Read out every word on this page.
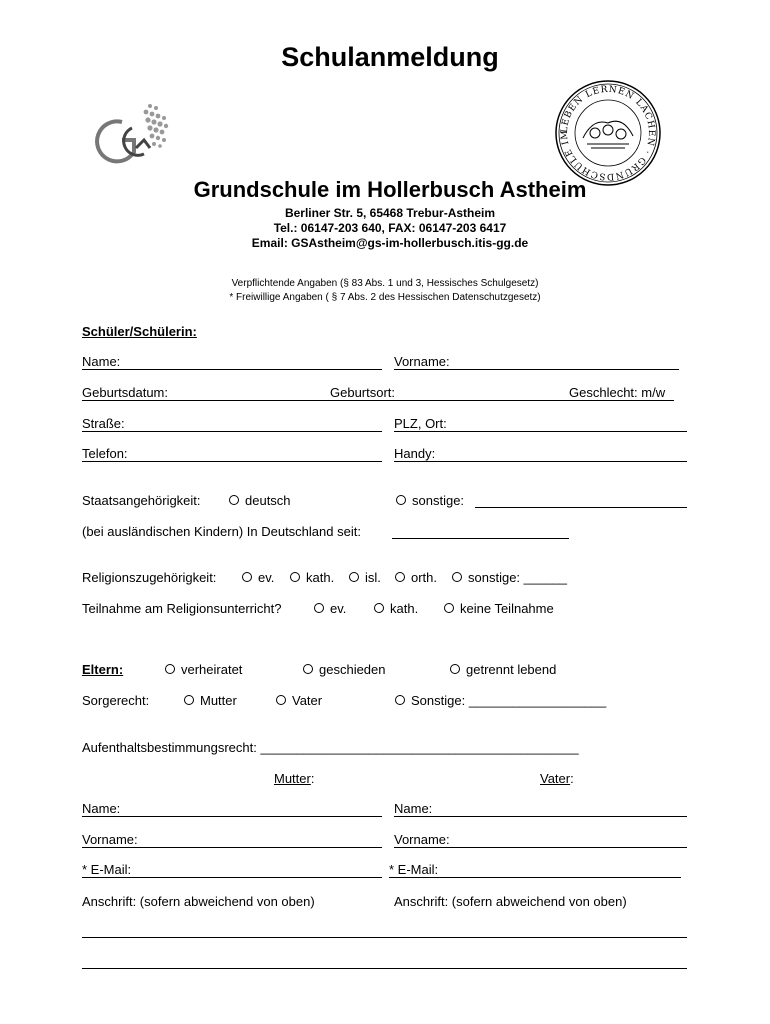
Schulanmeldung
LEBEN LERNEN LACHEN · GRUNDSCHULE IM
Grundschule im Hollerbusch Astheim
Berliner Str. 5, 65468 Trebur-Astheim
Tel.: 06147-203 640, FAX: 06147-203 6417
Email: GSAstheim@gs-im-hollerbusch.itis-gg.de
Verpflichtende Angaben (§ 83 Abs. 1 und 3, Hessisches Schulgesetz)
* Freiwillige Angaben ( § 7 Abs. 2 des Hessischen Datenschutzgesetz)
Schüler/Schülerin:
Name:	Vorname:
Geburtsdatum:	Geburtsort:	Geschlecht: m/w
Straße:	PLZ, Ort:
Telefon:	Handy:
Staatsangehörigkeit:	deutsch	sonstige:
(bei ausländischen Kindern) In Deutschland seit:
Religionszugehörigkeit:	ev.	kath.	isl.	orth.	sonstige: ______
Teilnahme am Religionsunterricht?	ev.	kath.	keine Teilnahme
Eltern:	verheiratet	geschieden	getrennt lebend
Sorgerecht:	Mutter	Vater	Sonstige: ___________________
Aufenthaltsbestimmungsrecht: ____________________________________________
Mutter:	Vater:
Name:	Name:
Vorname:	Vorname:
* E-Mail:	* E-Mail:
Anschrift: (sofern abweichend von oben)	Anschrift: (sofern abweichend von oben)
